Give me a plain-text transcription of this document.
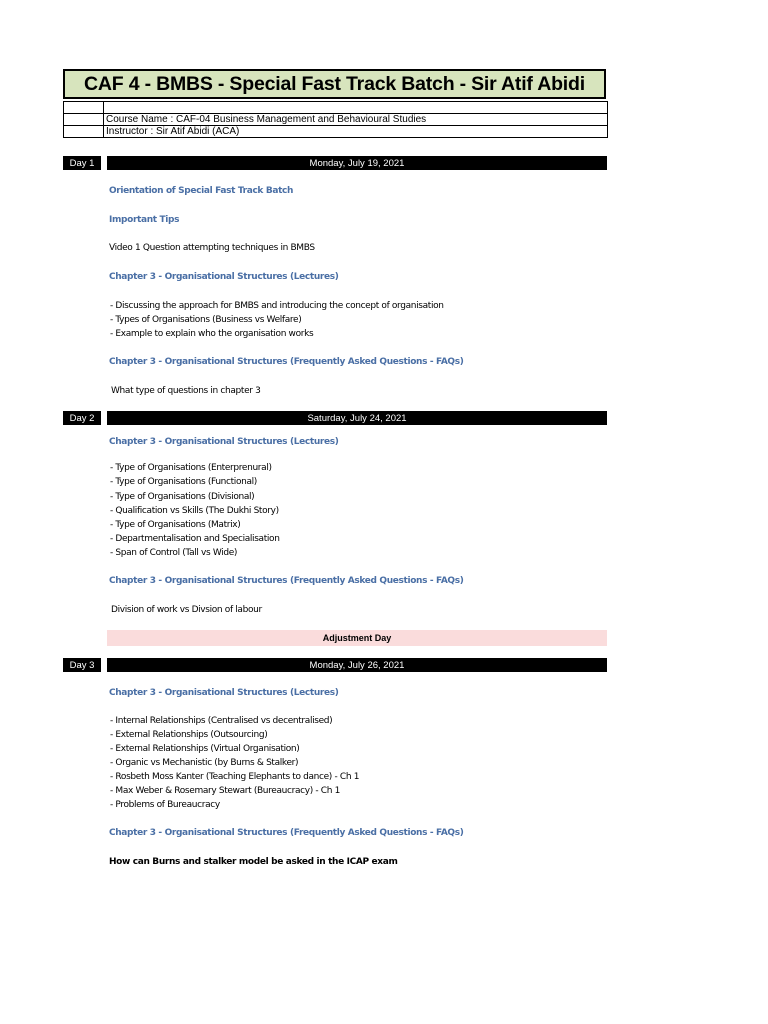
CAF 4 - BMBS - Special Fast Track Batch - Sir Atif Abidi

	Course Name : CAF-04 Business Management and Behavioural Studies
	Instructor : Sir Atif Abidi (ACA)
Day 1	Monday, July 19, 2021
Orientation of Special Fast Track Batch
Important Tips
Video 1 Question attempting techniques in BMBS
Chapter 3 - Organisational Structures (Lectures)
- Discussing the approach for BMBS and introducing the concept of organisation
- Types of Organisations (Business vs Welfare)
- Example to explain who the organisation works
Chapter 3 - Organisational Structures (Frequently Asked Questions - FAQs)
What type of questions in chapter 3
Day 2	Saturday, July 24, 2021
Chapter 3 - Organisational Structures (Lectures)
- Type of Organisations (Enterprenural)
- Type of Organisations (Functional)
- Type of Organisations (Divisional)
- Qualification vs Skills (The Dukhi Story)
- Type of Organisations (Matrix)
- Departmentalisation and Specialisation
- Span of Control (Tall vs Wide)
Chapter 3 - Organisational Structures (Frequently Asked Questions - FAQs)
Division of work vs Divsion of labour
Adjustment Day
Day 3	Monday, July 26, 2021
Chapter 3 - Organisational Structures (Lectures)
- Internal Relationships (Centralised vs decentralised)
- External Relationships (Outsourcing)
- External Relationships (Virtual Organisation)
- Organic vs Mechanistic (by Burns & Stalker)
- Rosbeth Moss Kanter (Teaching Elephants to dance) - Ch 1
- Max Weber & Rosemary Stewart (Bureaucracy) - Ch 1
- Problems of Bureaucracy
Chapter 3 - Organisational Structures (Frequently Asked Questions - FAQs)
How can Burns and stalker model be asked in the ICAP exam
